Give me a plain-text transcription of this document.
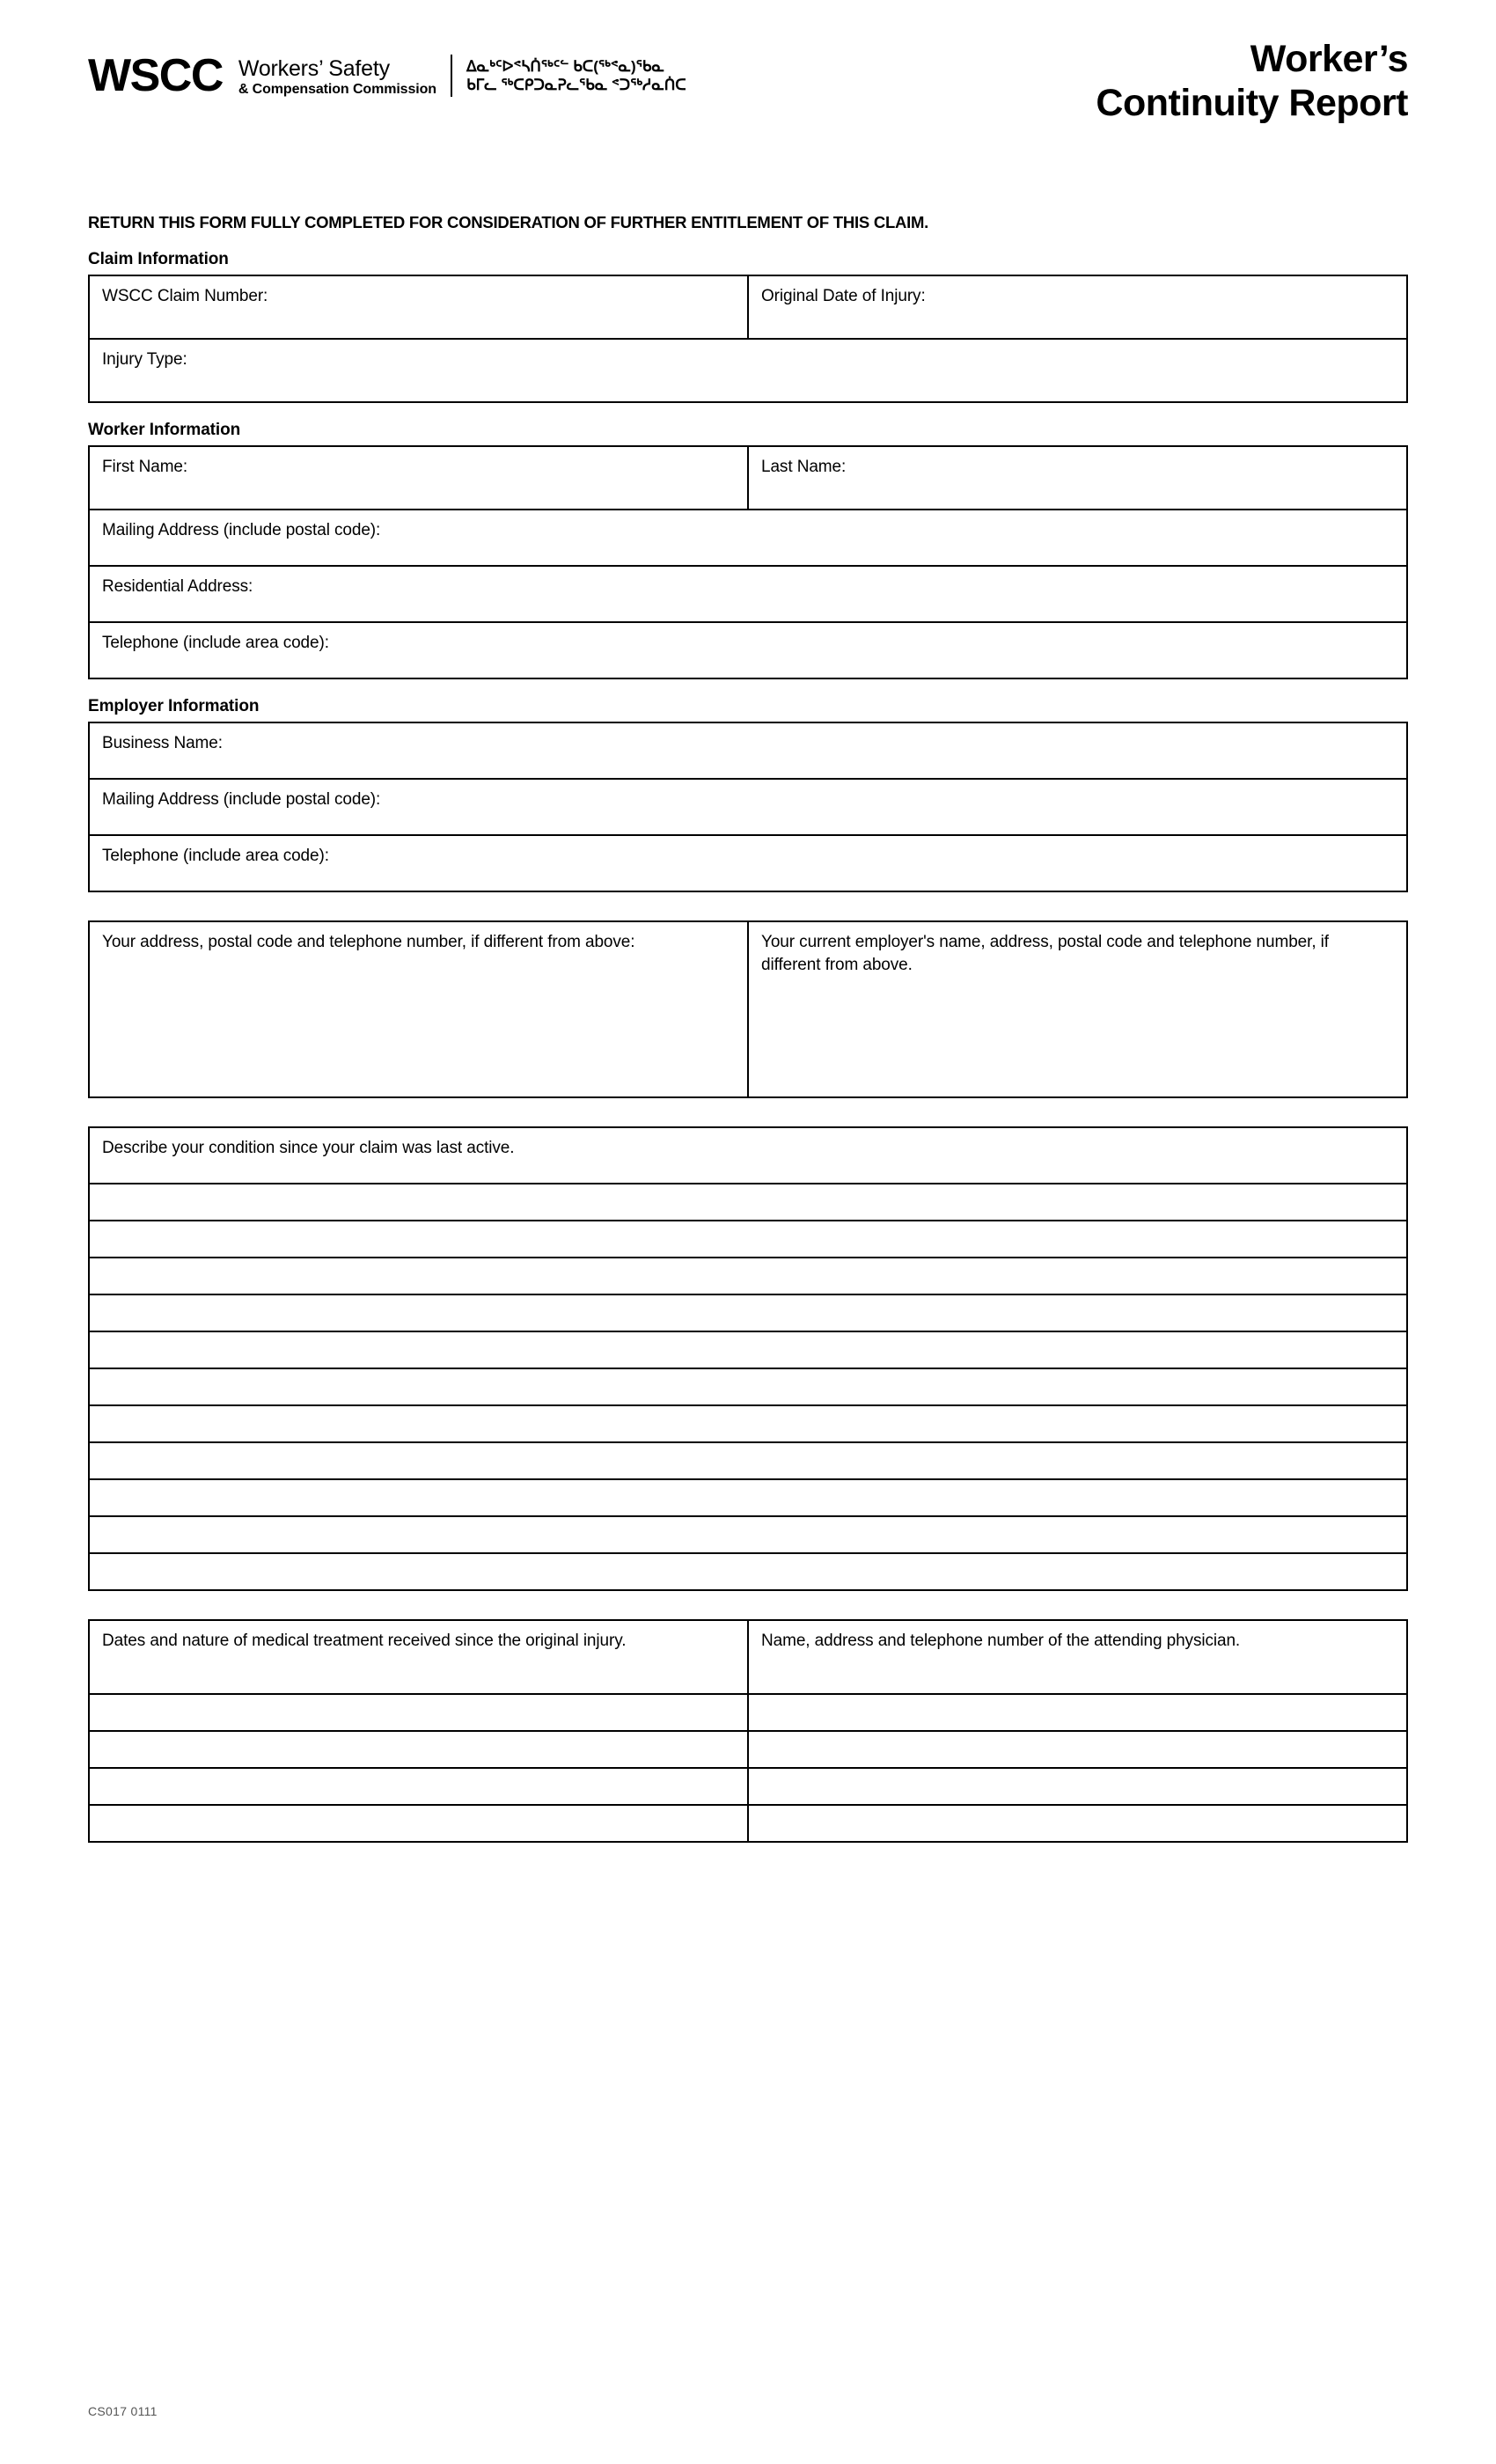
WSCC Workers’ Safety
& Compensation Commission
ᐃᓇᒃᑦᐅᕝᓴᑏᖅᑦᓪ ᑲᑕ(ᖅᕝᓇ)ᖃᓇ
ᑲᒥᓚ ᖅᑕᑭᑐᓇᕈᓚᖃᓇ ᕝᑐᖅᓱᓇᑏᑕ
Worker’s
Continuity Report
RETURN THIS FORM FULLY COMPLETED FOR CONSIDERATION OF FURTHER ENTITLEMENT OF THIS CLAIM.
Claim Information
WSCC Claim Number:	Original Date of Injury:
Injury Type:
Worker Information
First Name:	Last Name:
Mailing Address (include postal code):
Residential Address:
Telephone (include area code):
Employer Information
Business Name:
Mailing Address (include postal code):
Telephone (include area code):
Your address, postal code and telephone number, if different from above:	Your current employer's name, address, postal code and telephone number, if different from above.
Describe your condition since your claim was last active.

Dates and nature of medical treatment received since the original injury.	Name, address and telephone number of the attending physician.

CS017 0111
